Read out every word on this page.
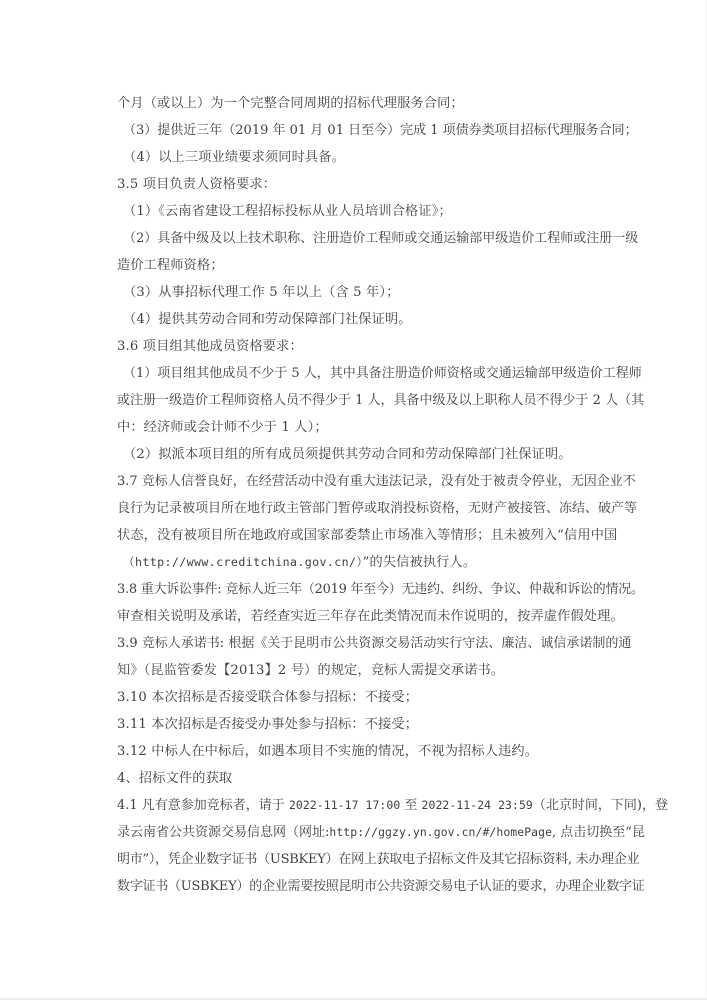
个月（或以上）为一个完整合同周期的招标代理服务合同；
（3）提供近三年（2019 年 01 月 01 日至今）完成 1 项债券类项目招标代理服务合同；
（4）以上三项业绩要求须同时具备。
3.5 项目负责人资格要求：
（1）《云南省建设工程招标投标从业人员培训合格证》；
（2）具备中级及以上技术职称、注册造价工程师或交通运输部甲级造价工程师或注册一级
造价工程师资格；
（3）从事招标代理工作 5 年以上（含 5 年）；
（4）提供其劳动合同和劳动保障部门社保证明。
3.6 项目组其他成员资格要求：
（1）项目组其他成员不少于 5 人，其中具备注册造价师资格或交通运输部甲级造价工程师
或注册一级造价工程师资格人员不得少于 1 人，具备中级及以上职称人员不得少于 2 人（其
中：经济师或会计师不少于 1 人）；
（2）拟派本项目组的所有成员须提供其劳动合同和劳动保障部门社保证明。
3.7 竞标人信誉良好，在经营活动中没有重大违法记录，没有处于被责令停业，无因企业不
良行为记录被项目所在地行政主管部门暂停或取消投标资格，无财产被接管、冻结、破产等
状态，没有被项目所在地政府或国家部委禁止市场准入等情形；且未被列入“信用中国
（http://www.creditchina.gov.cn/）”的失信被执行人。
3.8 重大诉讼事件: 竞标人近三年（2019 年至今）无违约、纠纷、争议、仲裁和诉讼的情况。
审查相关说明及承诺，若经查实近三年存在此类情况而未作说明的，按弄虚作假处理。
3.9 竞标人承诺书: 根据《关于昆明市公共资源交易活动实行守法、廉洁、诚信承诺制的通
知》（昆监管委发【2013】2 号）的规定，竞标人需提交承诺书。
3.10 本次招标是否接受联合体参与招标：不接受；
3.11 本次招标是否接受办事处参与招标：不接受；
3.12 中标人在中标后，如遇本项目不实施的情况，不视为招标人违约。
4、招标文件的获取
4.1 凡有意参加竞标者，请于 2022-11-17 17:00 至 2022-11-24 23:59（北京时间，下同)，登
录云南省公共资源交易信息网（网址:http://ggzy.yn.gov.cn/#/homePage, 点击切换至“昆
明市”），凭企业数字证书（USBKEY）在网上获取电子招标文件及其它招标资料, 未办理企业
数字证书（USBKEY）的企业需要按照昆明市公共资源交易电子认证的要求，办理企业数字证
